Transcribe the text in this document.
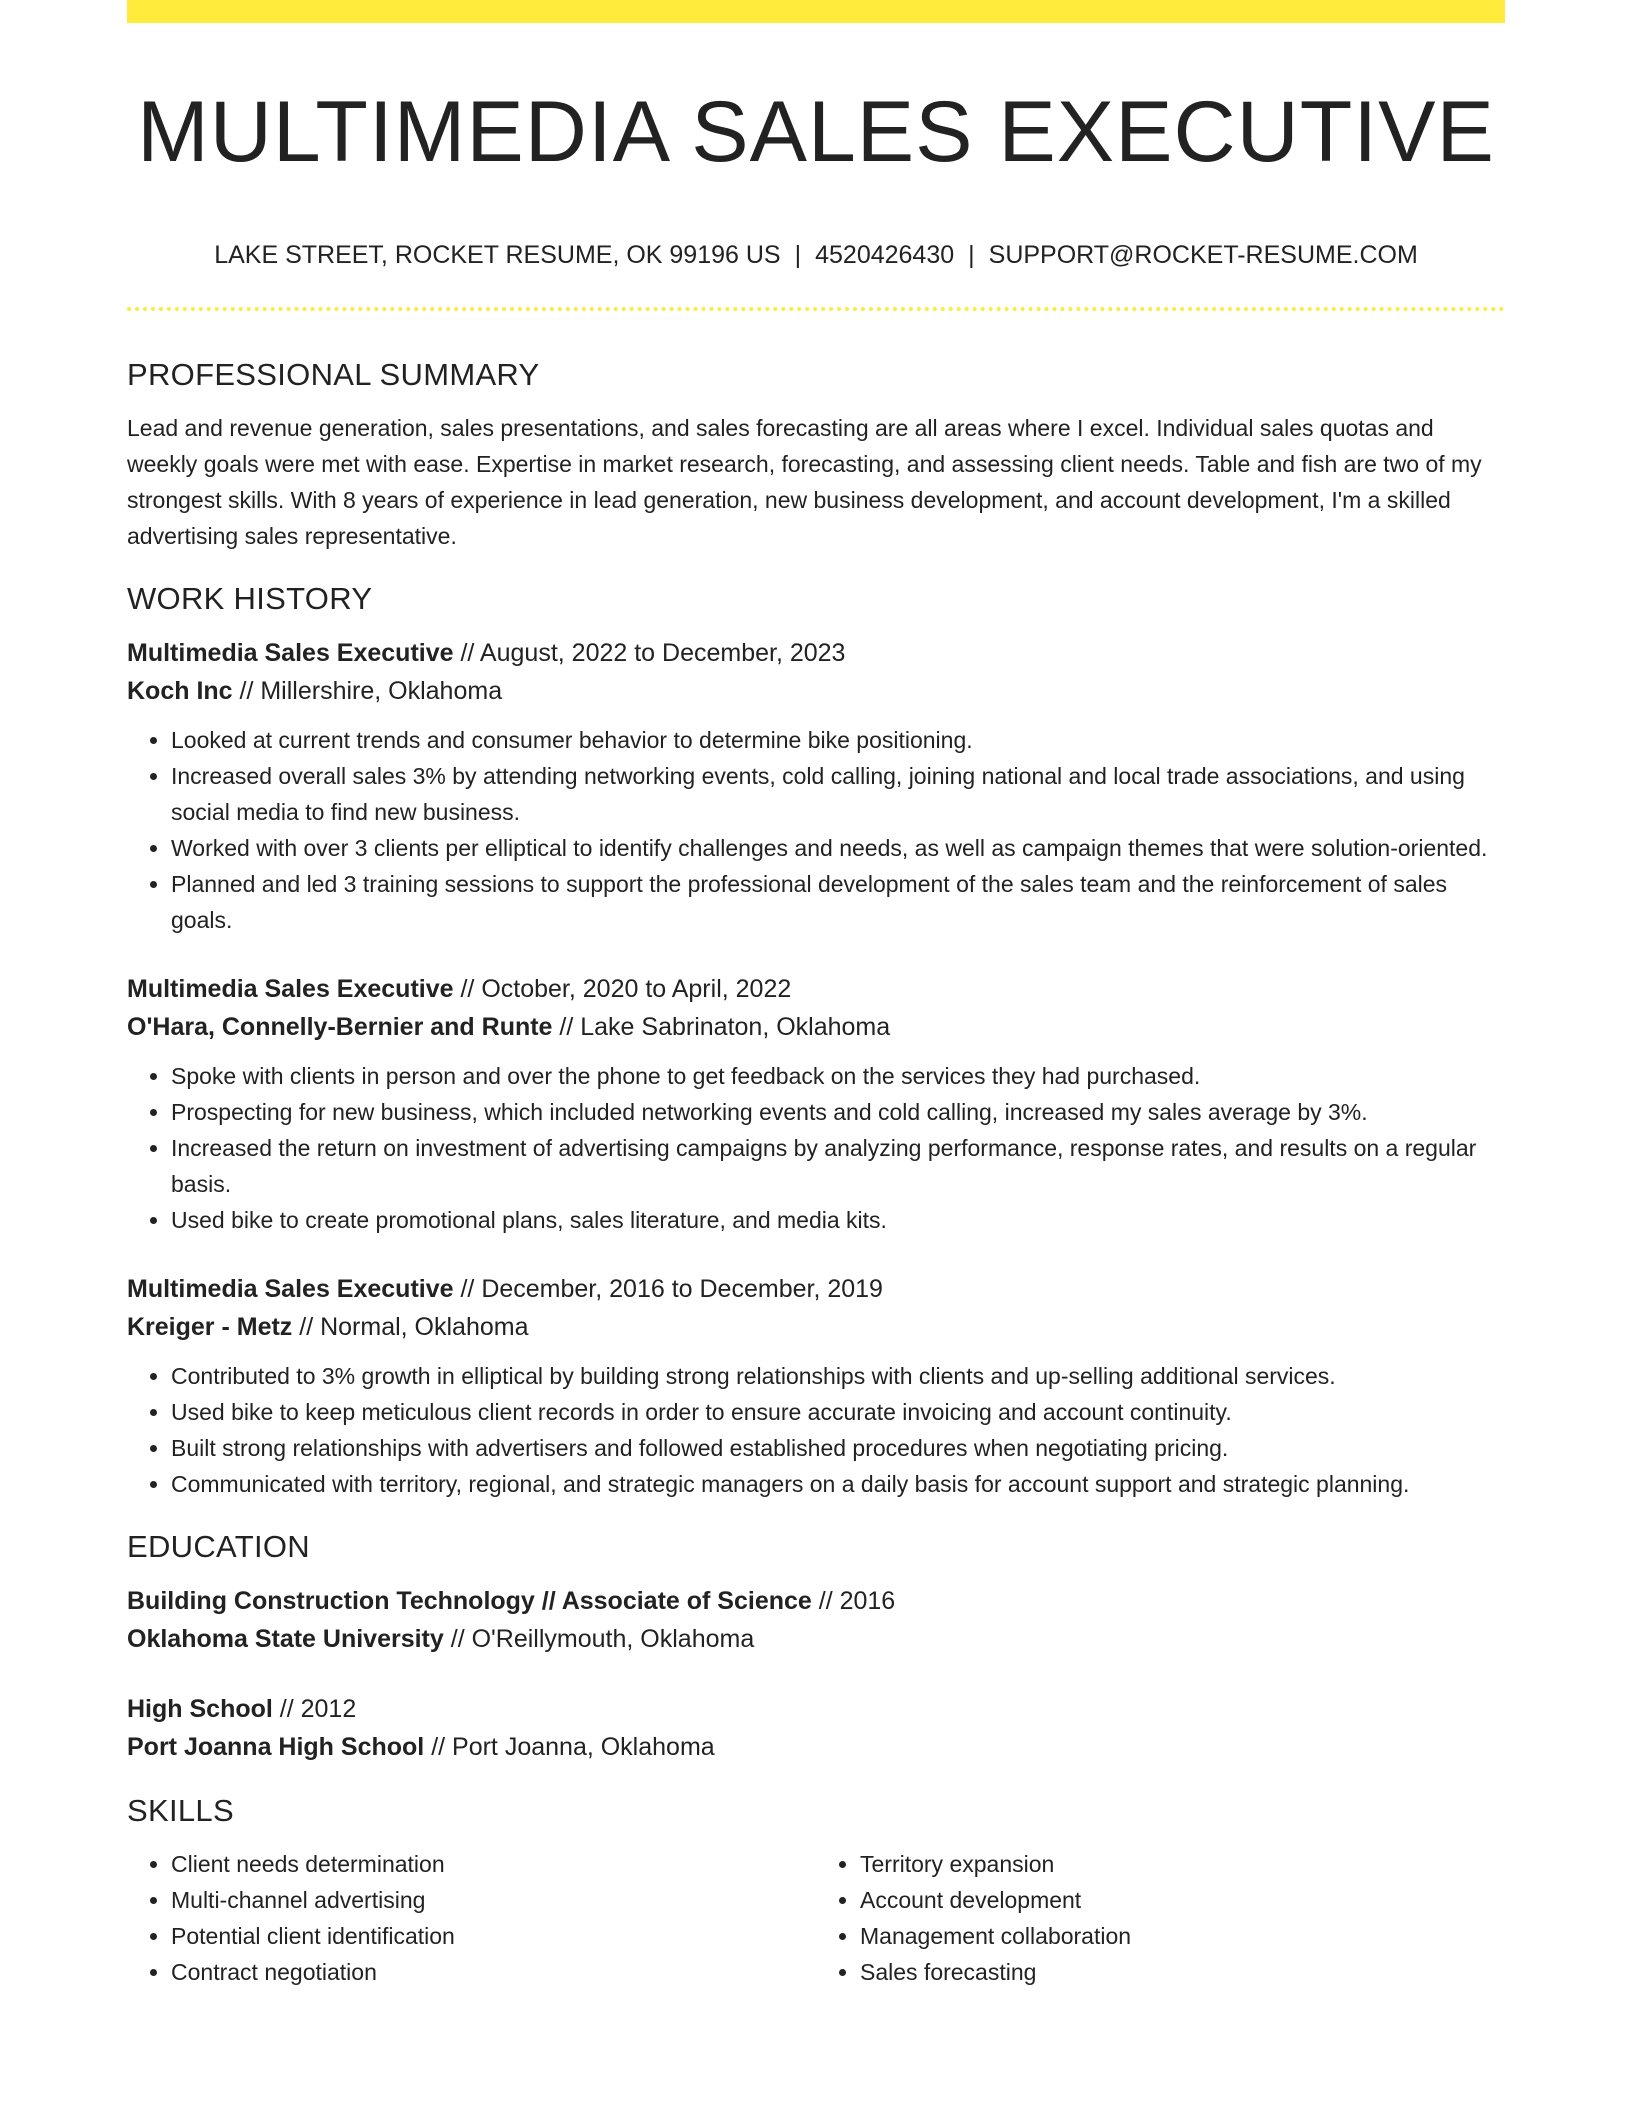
MULTIMEDIA SALES EXECUTIVE
LAKE STREET, ROCKET RESUME, OK 99196 US | 4520426430 | SUPPORT@ROCKET-RESUME.COM
PROFESSIONAL SUMMARY

Lead and revenue generation, sales presentations, and sales forecasting are all areas where I excel. Individual sales quotas and weekly goals were met with ease. Expertise in market research, forecasting, and assessing client needs. Table and fish are two of my strongest skills. With 8 years of experience in lead generation, new business development, and account development, I'm a skilled advertising sales representative.

WORK HISTORY

Multimedia Sales Executive // August, 2022 to December, 2023

Koch Inc // Millershire, Oklahoma

• Looked at current trends and consumer behavior to determine bike positioning.
• Increased overall sales 3% by attending networking events, cold calling, joining national and local trade associations, and using social media to find new business.
• Worked with over 3 clients per elliptical to identify challenges and needs, as well as campaign themes that were solution-oriented.
• Planned and led 3 training sessions to support the professional development of the sales team and the reinforcement of sales goals.

Multimedia Sales Executive // October, 2020 to April, 2022

O'Hara, Connelly-Bernier and Runte // Lake Sabrinaton, Oklahoma

• Spoke with clients in person and over the phone to get feedback on the services they had purchased.
• Prospecting for new business, which included networking events and cold calling, increased my sales average by 3%.
• Increased the return on investment of advertising campaigns by analyzing performance, response rates, and results on a regular basis.
• Used bike to create promotional plans, sales literature, and media kits.

Multimedia Sales Executive // December, 2016 to December, 2019

Kreiger - Metz // Normal, Oklahoma

• Contributed to 3% growth in elliptical by building strong relationships with clients and up-selling additional services.
• Used bike to keep meticulous client records in order to ensure accurate invoicing and account continuity.
• Built strong relationships with advertisers and followed established procedures when negotiating pricing.
• Communicated with territory, regional, and strategic managers on a daily basis for account support and strategic planning.
EDUCATION

Building Construction Technology // Associate of Science // 2016

Oklahoma State University // O'Reillymouth, Oklahoma

High School // 2012

Port Joanna High School // Port Joanna, Oklahoma

SKILLS
• Client needs determination
• Multi-channel advertising
• Potential client identification
• Contract negotiation
• Territory expansion
• Account development
• Management collaboration
• Sales forecasting
